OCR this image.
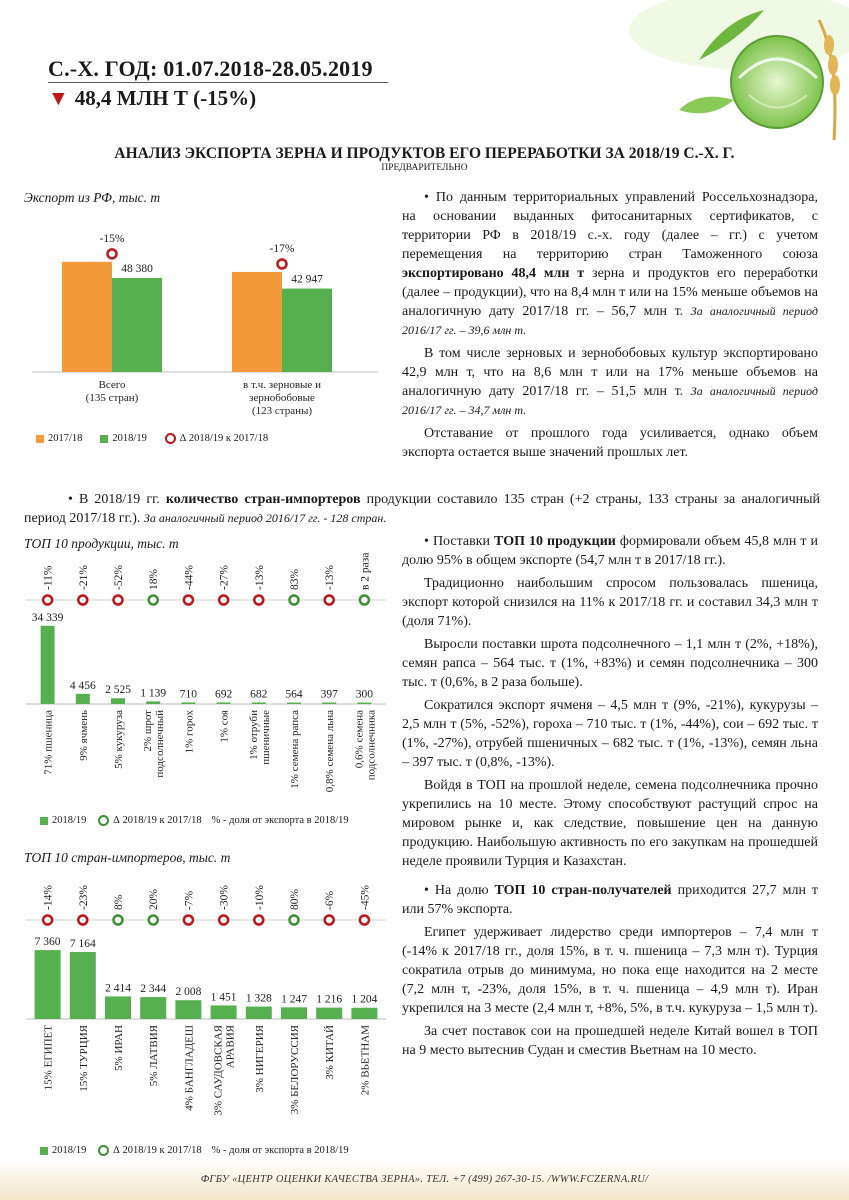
С.-Х. ГОД: 01.07.2018-28.05.2019
▼ 48,4 МЛН Т (-15%)
АНАЛИЗ ЭКСПОРТА ЗЕРНА И ПРОДУКТОВ ЕГО ПЕРЕРАБОТКИ ЗА 2018/19 С.-Х. Г.
ПРЕДВАРИТЕЛЬНО
Экспорт из РФ, тыс. т
48 380
-15%
Всего
(135 стран)
42 947
-17%
в т.ч. зерновые и
зернобобовые
(123 страны)
2017/18	2018/19	∆ 2018/19 к 2017/18

• По данным территориальных управлений Россельхознадзора, на основании выданных фитосанитарных сертификатов, с территории РФ в 2018/19 с.-х. году (далее – гг.) с учетом перемещения на территорию стран Таможенного союза экспортировано 48,4 млн т зерна и продуктов его переработки (далее – продукции), что на 8,4 млн т или на 15% меньше объемов на аналогичную дату 2017/18 гг. – 56,7 млн т. За аналогичный период 2016/17 гг. – 39,6 млн т.

В том числе зерновых и зернобобовых культур экспортировано 42,9 млн т, что на 8,6 млн т или на 17% меньше объемов на аналогичную дату 2017/18 гг. – 51,5 млн т. За аналогичный период 2016/17 гг. – 34,7 млн т.

Отставание от прошлого года усиливается, однако объем экспорта остается выше значений прошлых лет.

• В 2018/19 гг. количество стран-импортеров продукции составило 135 стран (+2 страны, 133 страны за аналогичный период 2017/18 гг.). За аналогичный период 2016/17 гг. - 128 стран.

ТОП 10 продукции, тыс. т
34 339
-11%
71% пшеница
4 456
-21%
9% ячмень
2 525
-52%
5% кукуруза
1 139
18%
2% шрот подсолнечный
710
-44%
1% горох
692
-27%
1% соя
682
-13%
1% отруби пшеничные
564
83%
1% семена рапса
397
-13%
0,8% семена льна
300
в 2 раза
0,6% семена подсолнечника
2018/19	∆ 2018/19 к 2017/18 % - доля от экспорта в 2018/19
ТОП 10 стран-импортеров, тыс. т
7 360
-14%
15% ЕГИПЕТ
7 164
-23%
15% ТУРЦИЯ
2 414
8%
5% ИРАН
2 344
20%
5% ЛАТВИЯ
2 008
-7%
4% БАНГЛАДЕШ
1 451
-30%
3% САУДОВСКАЯ АРАВИЯ
1 328
-10%
3% НИГЕРИЯ
1 247
80%
3% БЕЛОРУССИЯ
1 216
-6%
3% КИТАЙ
1 204
-45%
2% ВЬЕТНАМ
2018/19	∆ 2018/19 к 2017/18 % - доля от экспорта в 2018/19

• Поставки ТОП 10 продукции формировали объем 45,8 млн т и долю 95% в общем экспорте (54,7 млн т в 2017/18 гг.).

Традиционно наибольшим спросом пользовалась пшеница, экспорт которой снизился на 11% к 2017/18 гг. и составил 34,3 млн т (доля 71%).

Выросли поставки шрота подсолнечного – 1,1 млн т (2%, +18%), семян рапса – 564 тыс. т (1%, +83%) и семян подсолнечника – 300 тыс. т (0,6%, в 2 раза больше).

Сократился экспорт ячменя – 4,5 млн т (9%, -21%), кукурузы – 2,5 млн т (5%, -52%), гороха – 710 тыс. т (1%, -44%), сои – 692 тыс. т (1%, -27%), отрубей пшеничных – 682 тыс. т (1%, -13%), семян льна – 397 тыс. т (0,8%, -13%).

Войдя в ТОП на прошлой неделе, семена подсолнечника прочно укрепились на 10 месте. Этому способствуют растущий спрос на мировом рынке и, как следствие, повышение цен на данную продукцию. Наибольшую активность по его закупкам на прошедшей неделе проявили Турция и Казахстан.

• На долю ТОП 10 стран-получателей приходится 27,7 млн т или 57% экспорта.

Египет удерживает лидерство среди импортеров – 7,4 млн т (-14% к 2017/18 гг., доля 15%, в т. ч. пшеница – 7,3 млн т). Турция сократила отрыв до минимума, но пока еще находится на 2 месте (7,2 млн т, -23%, доля 15%, в т. ч. пшеница – 4,9 млн т). Иран укрепился на 3 месте (2,4 млн т, +8%, 5%, в т.ч. кукуруза – 1,5 млн т).

За счет поставок сои на прошедшей неделе Китай вошел в ТОП на 9 место вытеснив Судан и сместив Вьетнам на 10 место.

ФГБУ «ЦЕНТР ОЦЕНКИ КАЧЕСТВА ЗЕРНА». ТЕЛ. +7 (499) 267-30-15. /WWW.FCZERNA.RU/
